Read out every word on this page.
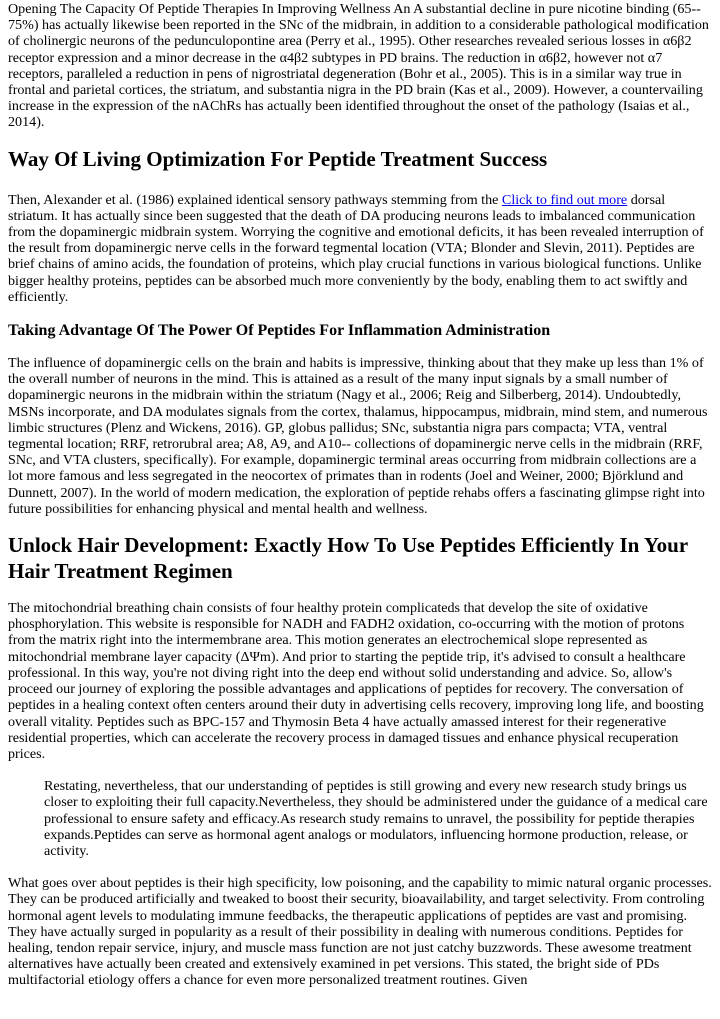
Opening The Capacity Of Peptide Therapies In Improving Wellness An A substantial decline in pure nicotine binding (65-- 75%) has actually likewise been reported in the SNc of the midbrain, in addition to a considerable pathological modification of cholinergic neurons of the pedunculopontine area (Perry et al., 1995). Other researches revealed serious losses in α6β2 receptor expression and a minor decrease in the α4β2 subtypes in PD brains. The reduction in α6β2, however not α7 receptors, paralleled a reduction in pens of nigrostriatal degeneration (Bohr et al., 2005). This is in a similar way true in frontal and parietal cortices, the striatum, and substantia nigra in the PD brain (Kas et al., 2009). However, a countervailing increase in the expression of the nAChRs has actually been identified throughout the onset of the pathology (Isaias et al., 2014).

Way Of Living Optimization For Peptide Treatment Success

Then, Alexander et al. (1986) explained identical sensory pathways stemming from the Click to find out more dorsal striatum. It has actually since been suggested that the death of DA producing neurons leads to imbalanced communication from the dopaminergic midbrain system. Worrying the cognitive and emotional deficits, it has been revealed interruption of the result from dopaminergic nerve cells in the forward tegmental location (VTA; Blonder and Slevin, 2011). Peptides are brief chains of amino acids, the foundation of proteins, which play crucial functions in various biological functions. Unlike bigger healthy proteins, peptides can be absorbed much more conveniently by the body, enabling them to act swiftly and efficiently.

Taking Advantage Of The Power Of Peptides For Inflammation Administration

The influence of dopaminergic cells on the brain and habits is impressive, thinking about that they make up less than 1% of the overall number of neurons in the mind. This is attained as a result of the many input signals by a small number of dopaminergic neurons in the midbrain within the striatum (Nagy et al., 2006; Reig and Silberberg, 2014). Undoubtedly, MSNs incorporate, and DA modulates signals from the cortex, thalamus, hippocampus, midbrain, mind stem, and numerous limbic structures (Plenz and Wickens, 2016). GP, globus pallidus; SNc, substantia nigra pars compacta; VTA, ventral tegmental location; RRF, retrorubral area; A8, A9, and A10-- collections of dopaminergic nerve cells in the midbrain (RRF, SNc, and VTA clusters, specifically). For example, dopaminergic terminal areas occurring from midbrain collections are a lot more famous and less segregated in the neocortex of primates than in rodents (Joel and Weiner, 2000; Björklund and Dunnett, 2007). In the world of modern medication, the exploration of peptide rehabs offers a fascinating glimpse right into future possibilities for enhancing physical and mental health and wellness.

Unlock Hair Development: Exactly How To Use Peptides Efficiently In Your Hair Treatment Regimen

The mitochondrial breathing chain consists of four healthy protein complicateds that develop the site of oxidative phosphorylation. This website is responsible for NADH and FADH2 oxidation, co-occurring with the motion of protons from the matrix right into the intermembrane area. This motion generates an electrochemical slope represented as mitochondrial membrane layer capacity (ΔΨm). And prior to starting the peptide trip, it's advised to consult a healthcare professional. In this way, you're not diving right into the deep end without solid understanding and advice. So, allow's proceed our journey of exploring the possible advantages and applications of peptides for recovery. The conversation of peptides in a healing context often centers around their duty in advertising cells recovery, improving long life, and boosting overall vitality. Peptides such as BPC-157 and Thymosin Beta 4 have actually amassed interest for their regenerative residential properties, which can accelerate the recovery process in damaged tissues and enhance physical recuperation prices.

Restating, nevertheless, that our understanding of peptides is still growing and every new research study brings us closer to exploiting their full capacity.Nevertheless, they should be administered under the guidance of a medical care professional to ensure safety and efficacy.As research study remains to unravel, the possibility for peptide therapies expands.Peptides can serve as hormonal agent analogs or modulators, influencing hormone production, release, or activity.

What goes over about peptides is their high specificity, low poisoning, and the capability to mimic natural organic processes. They can be produced artificially and tweaked to boost their security, bioavailability, and target selectivity. From controling hormonal agent levels to modulating immune feedbacks, the therapeutic applications of peptides are vast and promising. They have actually surged in popularity as a result of their possibility in dealing with numerous conditions. Peptides for healing, tendon repair service, injury, and muscle mass function are not just catchy buzzwords. These awesome treatment alternatives have actually been created and extensively examined in pet versions. This stated, the bright side of PDs multifactorial etiology offers a chance for even more personalized treatment routines. Given
